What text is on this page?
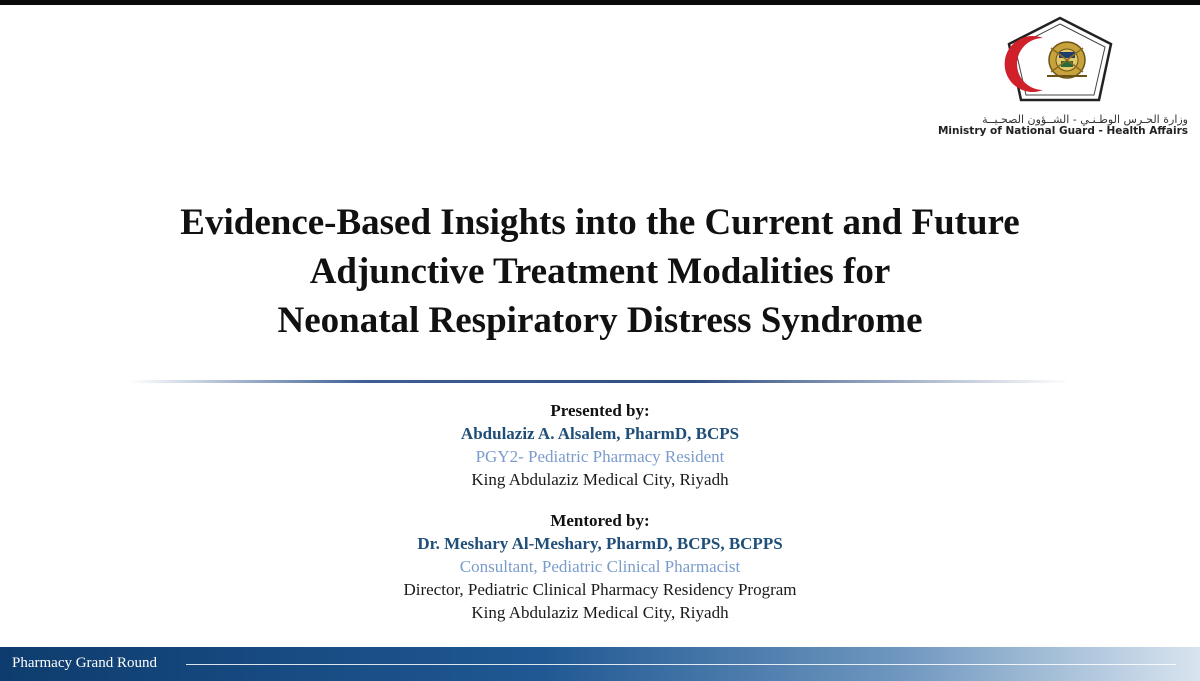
وزارة الحـرس الوطـنـي - الشــؤون الصحـيــة
Ministry of National Guard - Health Affairs
Evidence-Based Insights into the Current and Future
Adjunctive Treatment Modalities for
Neonatal Respiratory Distress Syndrome
Presented by:
Abdulaziz A. Alsalem, PharmD, BCPS
PGY2- Pediatric Pharmacy Resident
King Abdulaziz Medical City, Riyadh
Mentored by:
Dr. Meshary Al-Meshary, PharmD, BCPS, BCPPS
Consultant, Pediatric Clinical Pharmacist
Director, Pediatric Clinical Pharmacy Residency Program
King Abdulaziz Medical City, Riyadh
Pharmacy Grand Round
